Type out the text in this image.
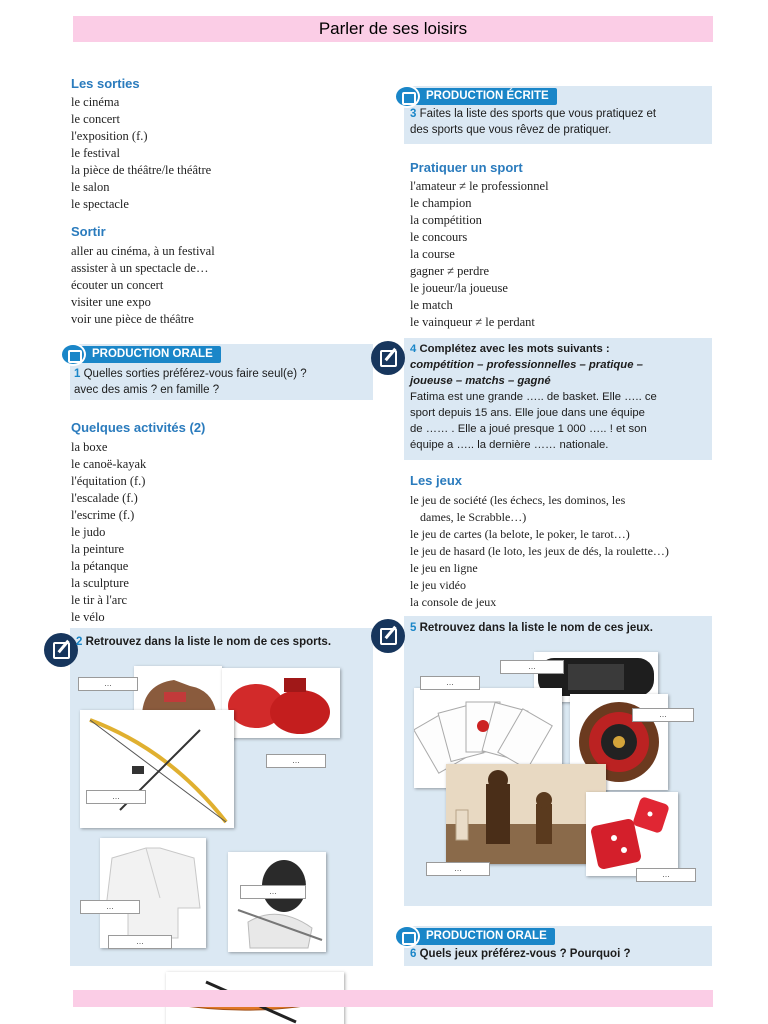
Parler de ses loisirs
Les sorties
le cinéma
le concert
l'exposition (f.)
le festival
la pièce de théâtre/le théâtre
le salon
le spectacle
Sortir
aller au cinéma, à un festival
assister à un spectacle de…
écouter un concert
visiter une expo
voir une pièce de théâtre
PRODUCTION ORALE
1 Quelles sorties préférez-vous faire seul(e) ?
avec des amis ? en famille ?
Quelques activités (2)
la boxe
le canoë-kayak
l'équitation (f.)
l'escalade (f.)
l'escrime (f.)
le judo
la peinture
la pétanque
la sculpture
le tir à l'arc
le vélo
2 Retrouvez dans la liste le nom de ces sports.
…
…
…
…
…
…
PRODUCTION ÉCRITE
3 Faites la liste des sports que vous pratiquez et
des sports que vous rêvez de pratiquer.
Pratiquer un sport
l'amateur ≠ le professionnel
le champion
la compétition
le concours
la course
gagner ≠ perdre
le joueur/la joueuse
le match
le vainqueur ≠ le perdant
4 Complétez avec les mots suivants :
compétition – professionnelles – pratique –
joueuse – matchs – gagné
Fatima est une grande ….. de basket. Elle ….. ce
sport depuis 15 ans. Elle joue dans une équipe
de …… . Elle a joué presque 1 000 ….. ! et son
équipe a ….. la dernière …… nationale.
Les jeux
le jeu de société (les échecs, les dominos, les
dames, le Scrabble…)
le jeu de cartes (la belote, le poker, le tarot…)
le jeu de hasard (le loto, les jeux de dés, la roulette…)
le jeu en ligne
le jeu vidéo
la console de jeux
5 Retrouvez dans la liste le nom de ces jeux.
…
…
…
…
…
PRODUCTION ORALE
6 Quels jeux préférez-vous ? Pourquoi ?
